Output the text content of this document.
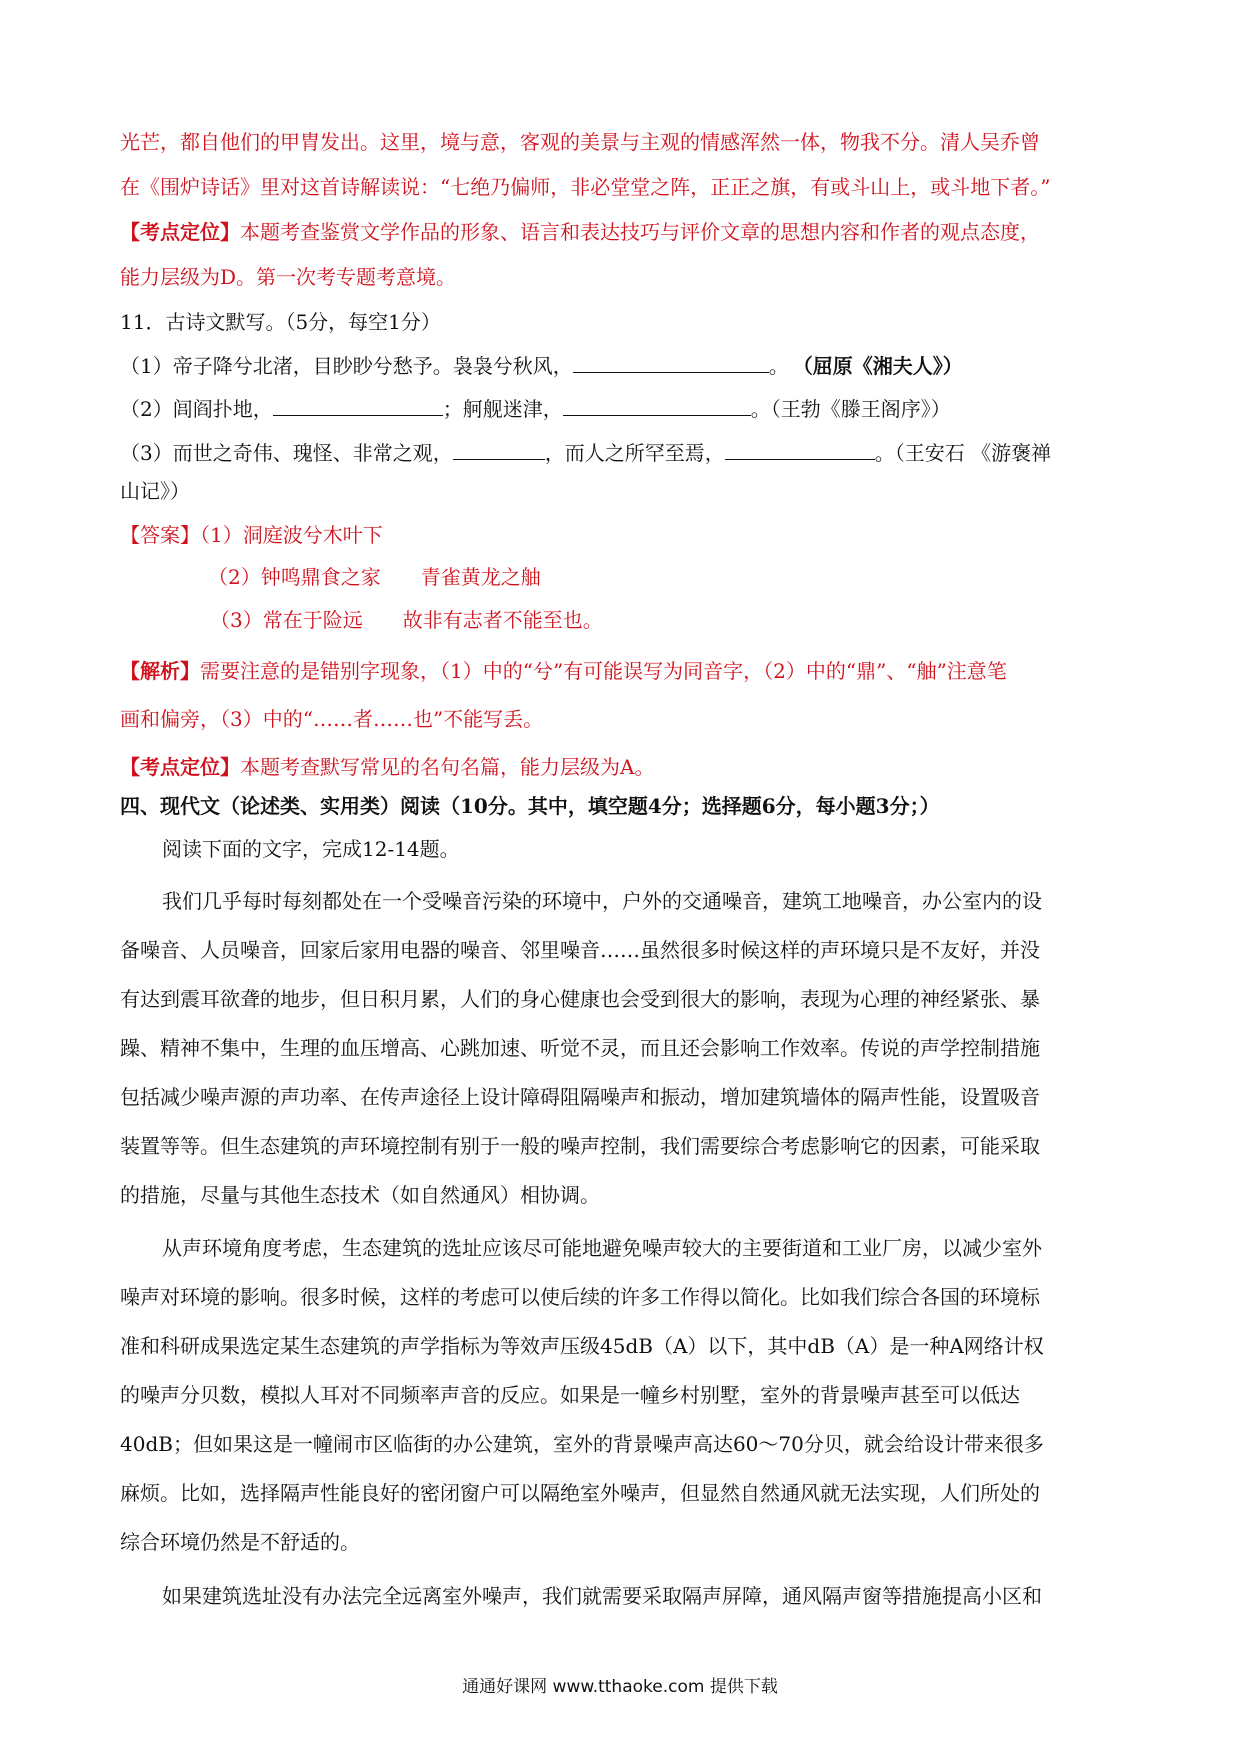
光芒，都自他们的甲胄发出。这里，境与意，客观的美景与主观的情感浑然一体，物我不分。清人吴乔曾
在《围炉诗话》里对这首诗解读说：“七绝乃偏师，非必堂堂之阵，正正之旗，有或斗山上，或斗地下者。”
【考点定位】本题考查鉴赏文学作品的形象、语言和表达技巧与评价文章的思想内容和作者的观点态度，
能力层级为D。第一次考专题考意境。
11．古诗文默写。（5分，每空1分）
（1）帝子降兮北渚，目眇眇兮愁予。袅袅兮秋风，	。 （屈原《湘夫人》）
（2）闾阎扑地，	；舸舰迷津，	。（王勃《滕王阁序》）
（3）而世之奇伟、瑰怪、非常之观，	，而人之所罕至焉，	。（王安石 《游褒禅
山记》）
【答案】（1）洞庭波兮木叶下
（2）钟鸣鼎食之家　　青雀黄龙之舳
（3）常在于险远　　故非有志者不能至也。
【解析】需要注意的是错别字现象，（1）中的“兮”有可能误写为同音字，（2）中的“鼎”、“舳”注意笔
画和偏旁，（3）中的“……者……也”不能写丢。
【考点定位】本题考查默写常见的名句名篇，能力层级为A。
四、现代文（论述类、实用类）阅读（10分。其中，填空题4分；选择题6分，每小题3分；）
阅读下面的文字，完成12-14题。
我们几乎每时每刻都处在一个受噪音污染的环境中，户外的交通噪音，建筑工地噪音，办公室内的设
备噪音、人员噪音，回家后家用电器的噪音、邻里噪音……虽然很多时候这样的声环境只是不友好，并没
有达到震耳欲聋的地步，但日积月累，人们的身心健康也会受到很大的影响，表现为心理的神经紧张、暴
躁、精神不集中，生理的血压增高、心跳加速、听觉不灵，而且还会影响工作效率。传说的声学控制措施
包括减少噪声源的声功率、在传声途径上设计障碍阻隔噪声和振动，增加建筑墙体的隔声性能，设置吸音
装置等等。但生态建筑的声环境控制有别于一般的噪声控制，我们需要综合考虑影响它的因素，可能采取
的措施，尽量与其他生态技术（如自然通风）相协调。
从声环境角度考虑，生态建筑的选址应该尽可能地避免噪声较大的主要街道和工业厂房，以减少室外
噪声对环境的影响。很多时候，这样的考虑可以使后续的许多工作得以简化。比如我们综合各国的环境标
准和科研成果选定某生态建筑的声学指标为等效声压级45dB（A）以下，其中dB（A）是一种A网络计权
的噪声分贝数，模拟人耳对不同频率声音的反应。如果是一幢乡村别墅，室外的背景噪声甚至可以低达
40dB；但如果这是一幢闹市区临街的办公建筑，室外的背景噪声高达60～70分贝，就会给设计带来很多
麻烦。比如，选择隔声性能良好的密闭窗户可以隔绝室外噪声，但显然自然通风就无法实现，人们所处的
综合环境仍然是不舒适的。
如果建筑选址没有办法完全远离室外噪声，我们就需要采取隔声屏障，通风隔声窗等措施提高小区和
通通好课网 www.tthaoke.com 提供下载
